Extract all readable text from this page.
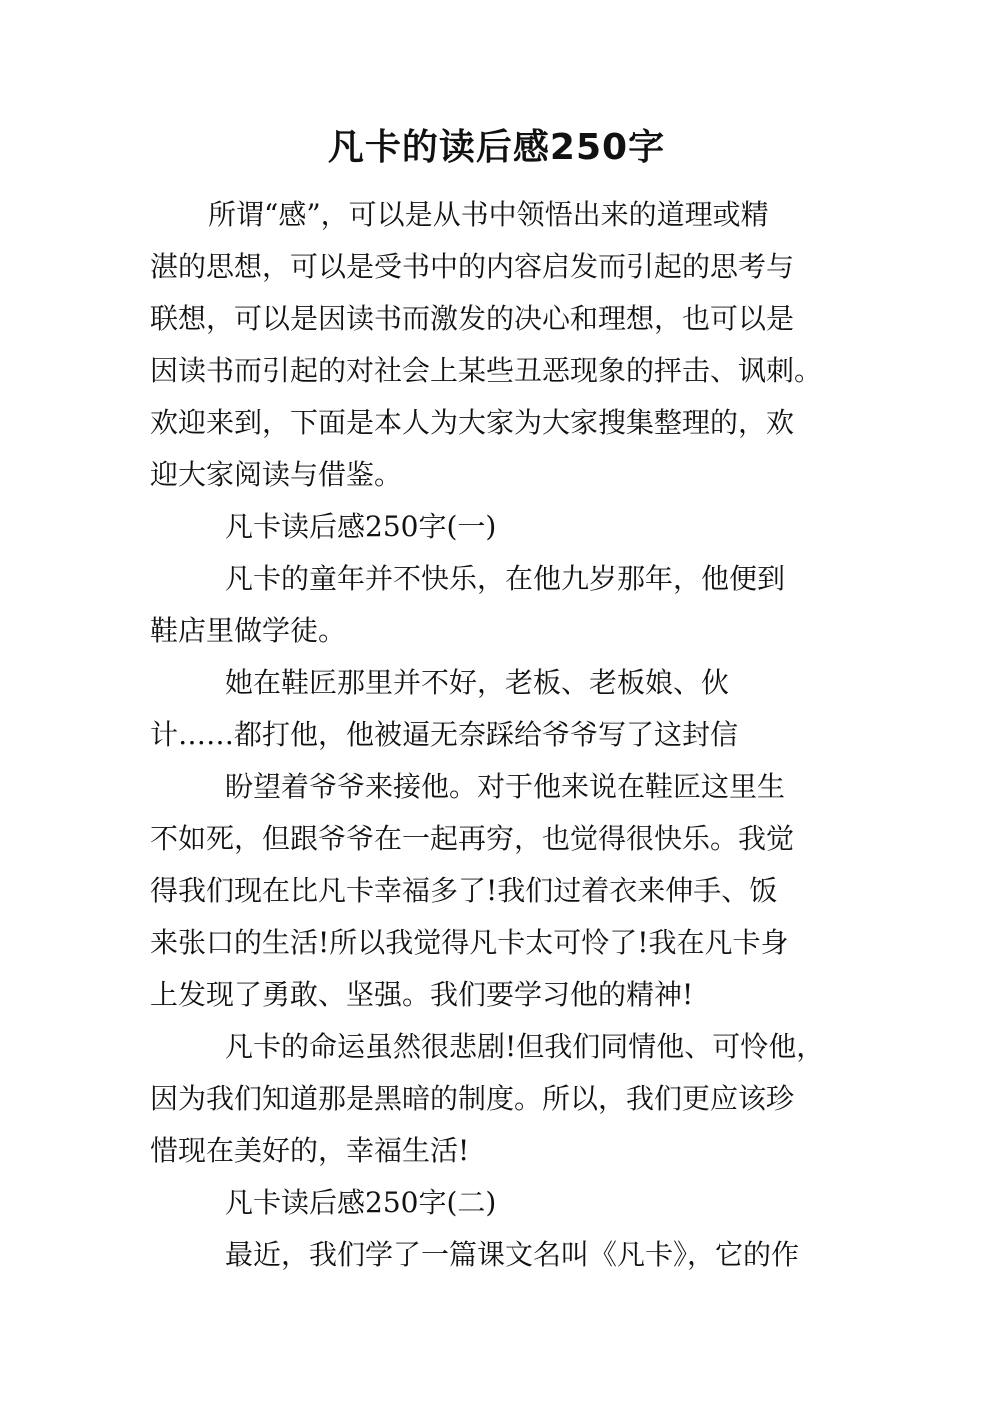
凡卡的读后感250字

所谓“感”，可以是从书中领悟出来的道理或精

湛的思想，可以是受书中的内容启发而引起的思考与

联想，可以是因读书而激发的决心和理想，也可以是

因读书而引起的对社会上某些丑恶现象的抨击、讽刺。

欢迎来到，下面是本人为大家为大家搜集整理的，欢

迎大家阅读与借鉴。

凡卡读后感250字(一)

凡卡的童年并不快乐，在他九岁那年，他便到

鞋店里做学徒。

她在鞋匠那里并不好，老板、老板娘、伙

计……都打他，他被逼无奈踩给爷爷写了这封信

盼望着爷爷来接他。对于他来说在鞋匠这里生

不如死，但跟爷爷在一起再穷，也觉得很快乐。我觉

得我们现在比凡卡幸福多了!我们过着衣来伸手、饭

来张口的生活!所以我觉得凡卡太可怜了!我在凡卡身

上发现了勇敢、坚强。我们要学习他的精神!

凡卡的命运虽然很悲剧!但我们同情他、可怜他，

因为我们知道那是黑暗的制度。所以，我们更应该珍

惜现在美好的，幸福生活!

凡卡读后感250字(二)

最近，我们学了一篇课文名叫《凡卡》，它的作
